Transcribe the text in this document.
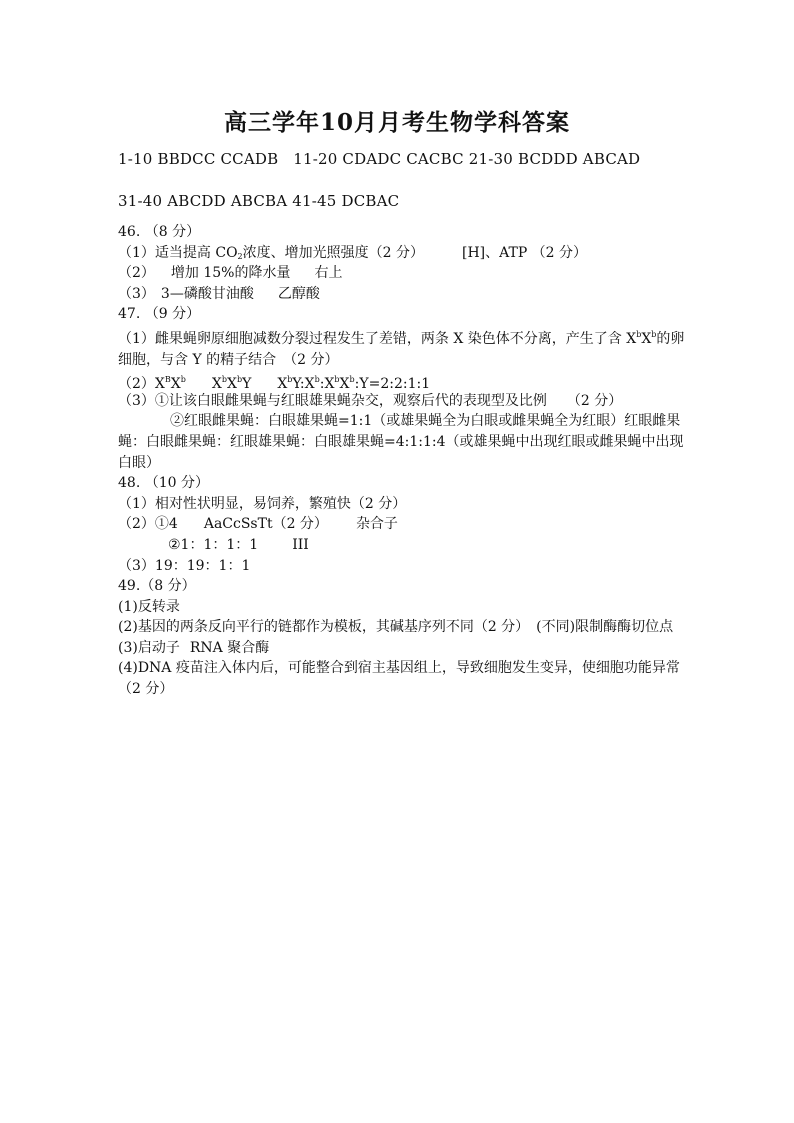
高三学年10月月考生物学科答案
1-10 BBDCC CCADB   11-20 CDADC CACBC 21-30 BCDDD ABCAD
31-40 ABCDD ABCBA 41-45 DCBAC
46. （8 分）
（1）适当提高 $CO_2$浓度、增加光照强度（2 分）	[H]、ATP （2 分）
（2） 增加 15%的降水量 右上
（3） 3—磷酸甘油酸 乙醇酸
47. （9 分）
（1）雌果蝇卵原细胞减数分裂过程发生了差错，两条 X 染色体不分离，产生了含 $X^bX^b$的卵细胞，与含 Y 的精子结合　（2 分）
$(2)X^BX^b$ $X^bX^bY$ $X^bY:X^b:X^bX^b:Y=2:2:1:1$
（3）①让该白眼雌果蝇与红眼雄果蝇杂交，观察后代的表现型及比例 （2 分）
②红眼雌果蝇：白眼雄果蝇=1:1（或雄果蝇全为白眼或雌果蝇全为红眼）红眼雌果蝇：白眼雌果蝇：红眼雄果蝇：白眼雄果蝇=4:1:1:4（或雄果蝇中出现红眼或雌果蝇中出现白眼）
48. （10 分）
（1）相对性状明显，易饲养，繁殖快（2 分）
（2）①4 AaCcSsTt（2 分） 杂合子
②1：1：1：1 III
（3）19：19：1：1
49.（8 分）
(1)反转录
(2)基因的两条反向平行的链都作为模板，其碱基序列不同（2 分）　(不同)限制酶酶切位点
(3)启动子 RNA 聚合酶
(4)DNA 疫苗注入体内后，可能整合到宿主基因组上，导致细胞发生变异，使细胞功能异常（2 分）
